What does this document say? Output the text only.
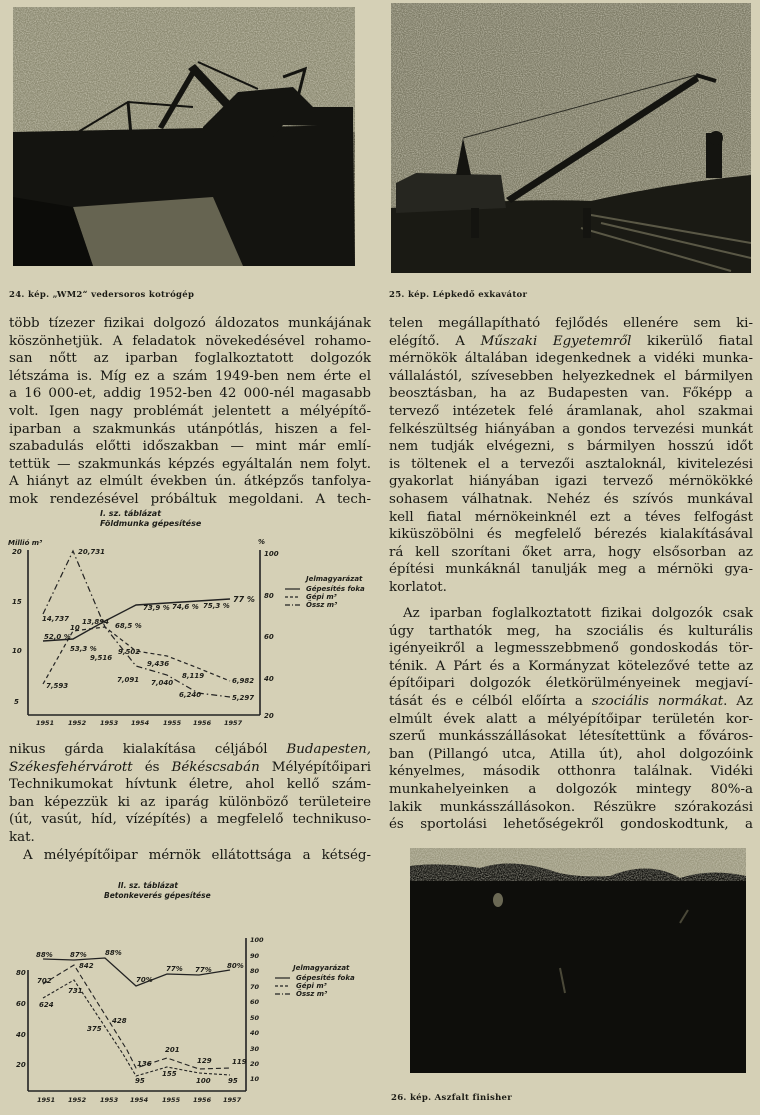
24. kép. „WM2“ vedersoros kotrógép	25. kép. Lépkedő exkavátor
több tízezer fizikai dolgozó áldozatos munkájának
köszönhetjük. A feladatok növekedésével rohamo-
san nőtt az iparban foglalkoztatott dolgozók
létszáma is. Míg ez a szám 1949-ben nem érte el
a 16 000-et, addig 1952-ben 42 000-nél magasabb
volt. Igen nagy problémát jelentett a mélyépítő-
iparban a szakmunkás utánpótlás, hiszen a fel-
szabadulás előtti időszakban — mint már emlí-
tettük — szakmunkás képzés egyáltalán nem folyt.
A hiányt az elmúlt években ún. átképzős tanfolya-
mok rendezésével próbáltuk megoldani. A tech-
I. sz. táblázat
Földmunka gépesítése
Millió m³	%
20
15
10
5
100
80
60
40
20
20,731
14,737 13,894 68,5 %
73,9 % 74,6 % 75,3 %
77 %
52,0 %
10
53,3 %
9,516
9,502
9,436
8,119
6,982
7,593
7,091 7,040
6,240	5,297
1951 1952 1953 1954 1955 1956 1957
Jelmagyarázat
Gépesítés foka
Gépi m³
Össz m³
nikus gárda kialakítása céljából Budapesten,
Székesfehérvárott és Békéscsabán Mélyépítőipari
Technikumokat hívtunk életre, ahol kellő szám-
ban képezzük ki az iparág különböző területeire
(út, vasút, híd, vízépítés) a megfelelő technikuso-
kat.
A mélyépítőipar mérnök ellátottsága a kétség-
II. sz. táblázat
Betonkeverés gépesítése
80
60
40
20
100
90
80
70
60
50
40
30
20
10
88% 87%	88%
70%
77% 77% 80%
842
702
731
624
428
375
136
201
129	119
95
155
100 95
1951 1952 1953 1954 1955 1956 1957
Jelmagyarázat
Gépesítés foka
Gépi m³
Össz m³
telen megállapítható fejlődés ellenére sem ki-
elégítő. A Műszaki Egyetemről kikerülő fiatal
mérnökök általában idegenkednek a vidéki munka-
vállalástól, szívesebben helyezkednek el bármilyen
beosztásban, ha az Budapesten van. Főképp a
tervező intézetek felé áramlanak, ahol szakmai
felkészültség hiányában a gondos tervezési munkát
nem tudják elvégezni, s bármilyen hosszú időt
is töltenek el a tervezői asztaloknál, kivitelezési
gyakorlat hiányában igazi tervező mérnökökké
sohasem válhatnak. Nehéz és szívós munkával
kell fiatal mérnökeinknél ezt a téves felfogást
kiküszöbölni és megfelelő bérezés kialakításával
rá kell szorítani őket arra, hogy elsősorban az
építési munkáknál tanulják meg a mérnöki gya-
korlatot.
Az iparban foglalkoztatott fizikai dolgozók csak
úgy tarthatók meg, ha szociális és kulturális
igényeikről a legmesszebbmenő gondoskodás tör-
ténik. A Párt és a Kormányzat kötelezővé tette az
építőipari dolgozók életkörülményeinek megjaví-
tását és e célból előírta a szociális normákat. Az
elmúlt évek alatt a mélyépítőipar területén kor-
szerű munkásszállásokat létesítettünk a főváros-
ban (Pillangó utca, Atilla út), ahol dolgozóink
kényelmes, második otthonra találnak. Vidéki
munkahelyeinken a dolgozók mintegy 80%-a
lakik munkásszállásokon. Részükre szórakozási
és sportolási lehetőségekről gondoskodtunk, a
26. kép. Aszfalt finisher
